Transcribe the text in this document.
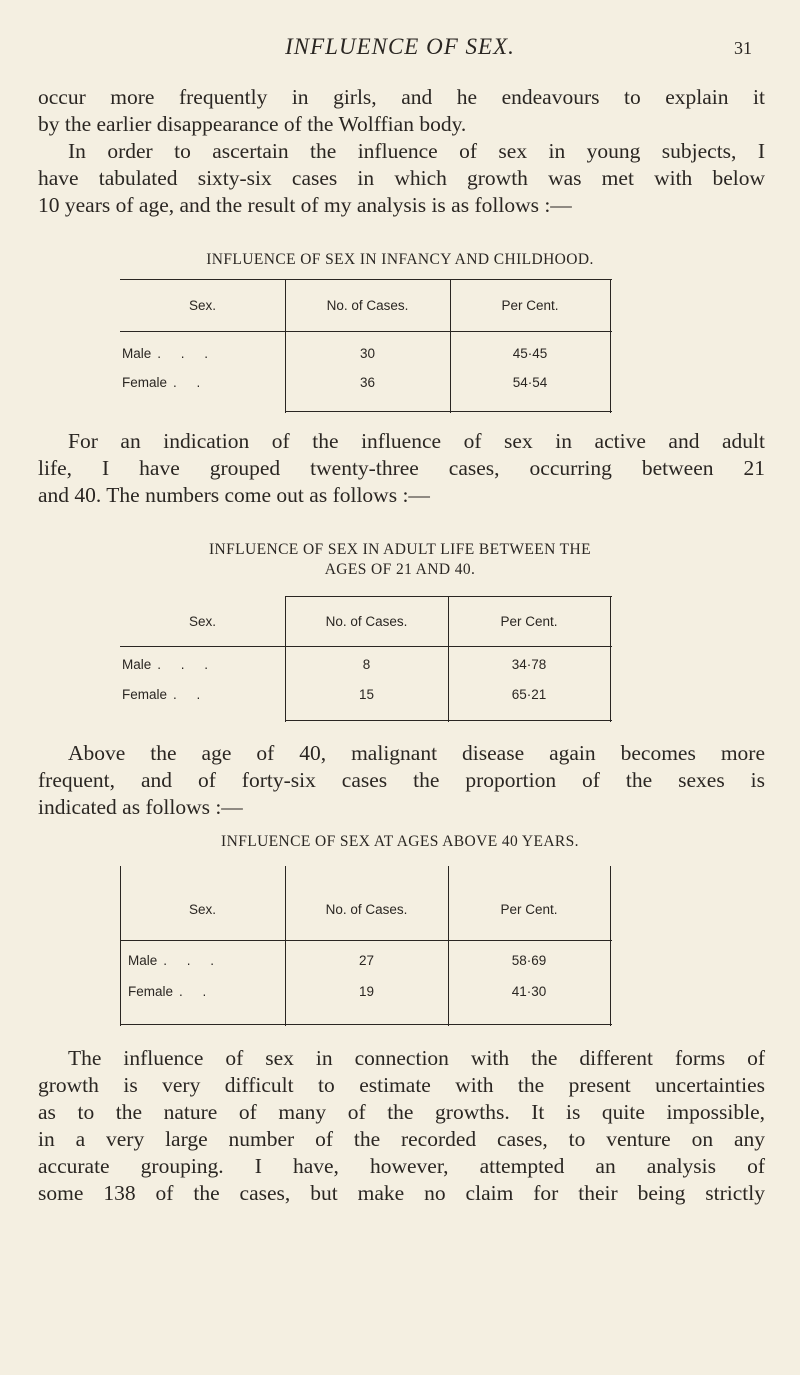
INFLUENCE OF SEX.	31
occur more frequently in girls, and he endeavours to explain it
by the earlier disappearance of the Wolffian body.
In order to ascertain the influence of sex in young subjects, I
have tabulated sixty-six cases in which growth was met with below
10 years of age, and the result of my analysis is as follows :—
INFLUENCE OF SEX IN INFANCY AND CHILDHOOD.
Sex.	No. of Cases.	Per Cent.
Male . . .	30	45·45
Female . .	36	54·54
For an indication of the influence of sex in active and adult
life, I have grouped twenty-three cases, occurring between 21
and 40. The numbers come out as follows :—
INFLUENCE OF SEX IN ADULT LIFE BETWEEN THE
AGES OF 21 AND 40.
Sex.	No. of Cases.	Per Cent.
Male . . .	8	34·78
Female . .	15	65·21
Above the age of 40, malignant disease again becomes more
frequent, and of forty-six cases the proportion of the sexes is
indicated as follows :—
INFLUENCE OF SEX AT AGES ABOVE 40 YEARS.
Sex.	No. of Cases.	Per Cent.
Male . . .	27	58·69
Female . .	19	41·30
The influence of sex in connection with the different forms of
growth is very difficult to estimate with the present uncertainties
as to the nature of many of the growths. It is quite impossible,
in a very large number of the recorded cases, to venture on any
accurate grouping. I have, however, attempted an analysis of
some 138 of the cases, but make no claim for their being strictly
